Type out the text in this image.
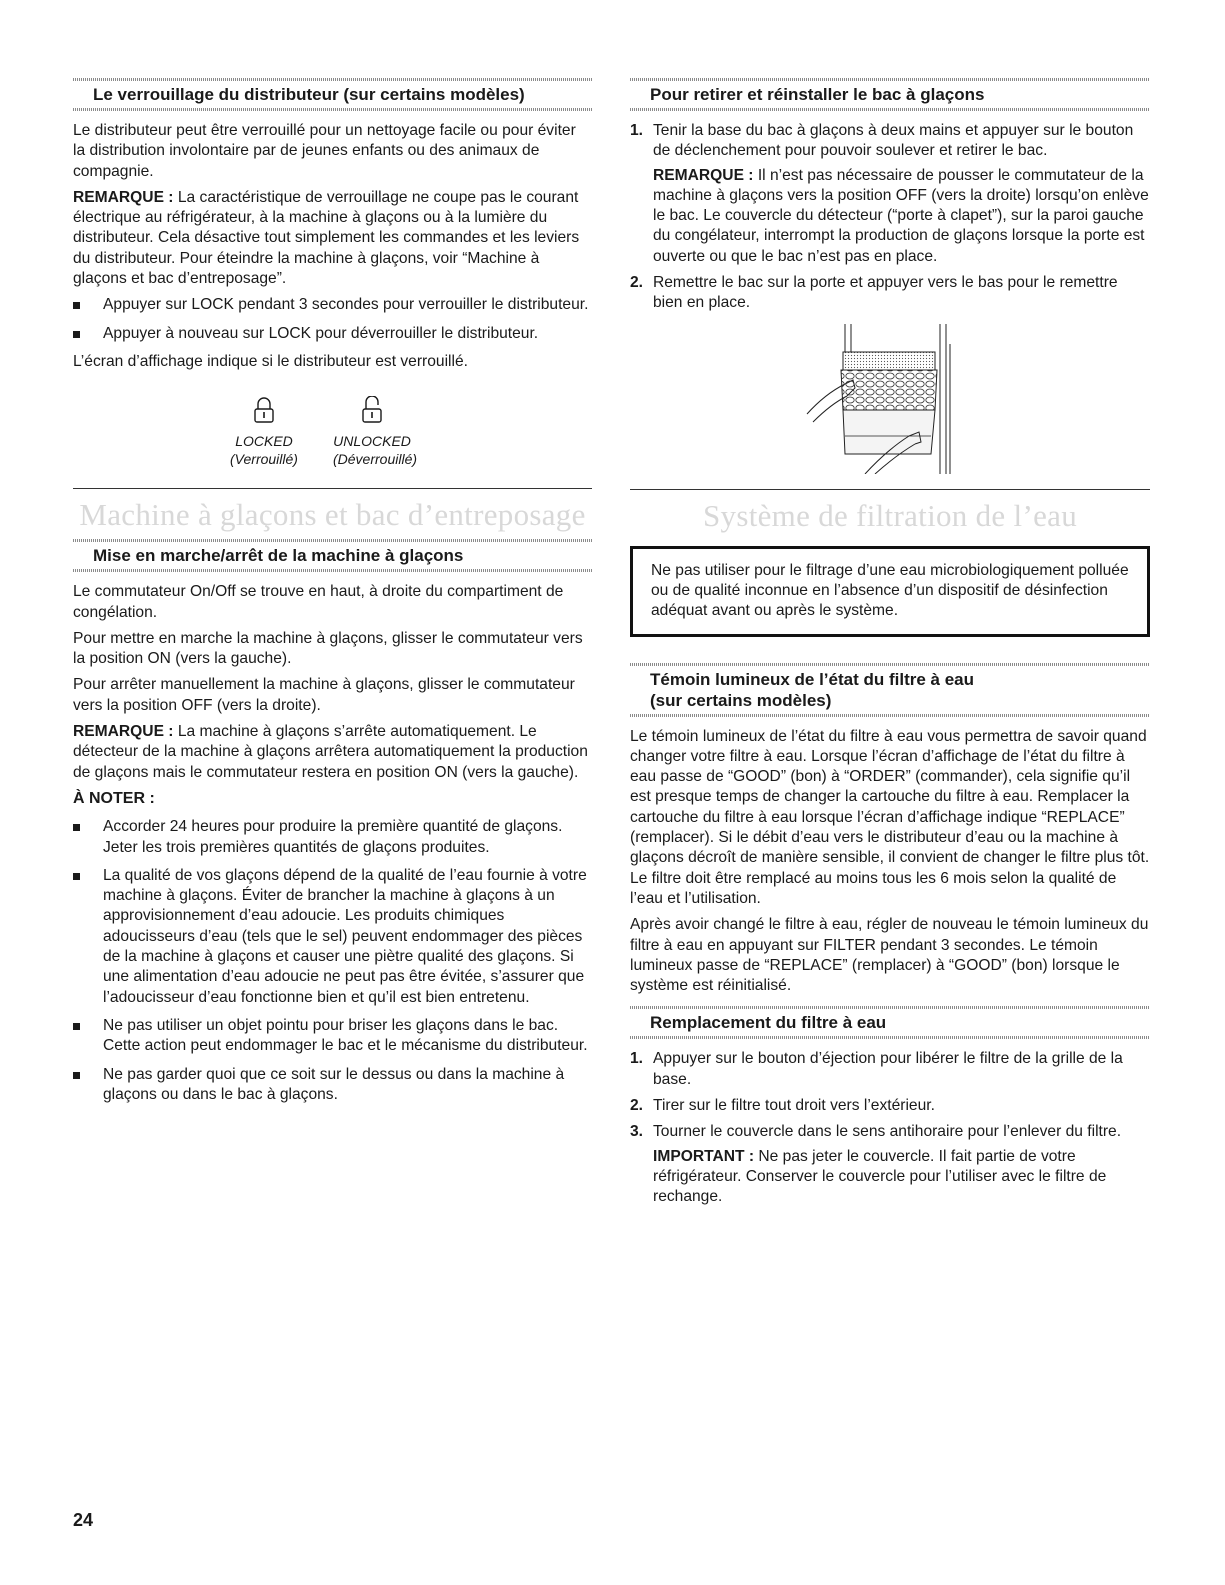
Le verrouillage du distributeur (sur certains modèles)

Le distributeur peut être verrouillé pour un nettoyage facile ou pour éviter la distribution involontaire par de jeunes enfants ou des animaux de compagnie.

REMARQUE : La caractéristique de verrouillage ne coupe pas le courant électrique au réfrigérateur, à la machine à glaçons ou à la lumière du distributeur. Cela désactive tout simplement les commandes et les leviers du distributeur. Pour éteindre la machine à glaçons, voir “Machine à glaçons et bac d’entreposage”.

Appuyer sur LOCK pendant 3 secondes pour verrouiller le distributeur.
Appuyer à nouveau sur LOCK pour déverrouiller le distributeur.

L’écran d’affichage indique si le distributeur est verrouillé.

LOCKED
(Verrouillé)
UNLOCKED
(Déverrouillé)
Machine à glaçons et bac d’entreposage
Mise en marche/arrêt de la machine à glaçons

Le commutateur On/Off se trouve en haut, à droite du compartiment de congélation.

Pour mettre en marche la machine à glaçons, glisser le commutateur vers la position ON (vers la gauche).

Pour arrêter manuellement la machine à glaçons, glisser le commutateur vers la position OFF (vers la droite).

REMARQUE : La machine à glaçons s’arrête automatiquement. Le détecteur de la machine à glaçons arrêtera automatiquement la production de glaçons mais le commutateur restera en position ON (vers la gauche).

À NOTER :

Accorder 24 heures pour produire la première quantité de glaçons. Jeter les trois premières quantités de glaçons produites.
La qualité de vos glaçons dépend de la qualité de l’eau fournie à votre machine à glaçons. Éviter de brancher la machine à glaçons à un approvisionnement d’eau adoucie. Les produits chimiques adoucisseurs d’eau (tels que le sel) peuvent endommager des pièces de la machine à glaçons et causer une piètre qualité des glaçons. Si une alimentation d’eau adoucie ne peut pas être évitée, s’assurer que l’adoucisseur d’eau fonctionne bien et qu’il est bien entretenu.
Ne pas utiliser un objet pointu pour briser les glaçons dans le bac. Cette action peut endommager le bac et le mécanisme du distributeur.
Ne pas garder quoi que ce soit sur le dessus ou dans la machine à glaçons ou dans le bac à glaçons.
Pour retirer et réinstaller le bac à glaçons
1. Tenir la base du bac à glaçons à deux mains et appuyer sur le bouton de déclenchement pour pouvoir soulever et retirer le bac.

REMARQUE : Il n’est pas nécessaire de pousser le commutateur de la machine à glaçons vers la position OFF (vers la droite) lorsqu’on enlève le bac. Le couvercle du détecteur (“porte à clapet”), sur la paroi gauche du congélateur, interrompt la production de glaçons lorsque la porte est ouverte ou que le bac n’est pas en place.

2. Remettre le bac sur la porte et appuyer vers le bas pour le remettre bien en place.
Système de filtration de l’eau

Ne pas utiliser pour le filtrage d’une eau microbiologiquement polluée ou de qualité inconnue en l’absence d’un dispositif de désinfection adéquat avant ou après le système.

Témoin lumineux de l’état du filtre à eau
(sur certains modèles)

Le témoin lumineux de l’état du filtre à eau vous permettra de savoir quand changer votre filtre à eau. Lorsque l’écran d’affichage de l’état du filtre à eau passe de “GOOD” (bon) à “ORDER” (commander), cela signifie qu’il est presque temps de changer la cartouche du filtre à eau. Remplacer la cartouche du filtre à eau lorsque l’écran d’affichage indique “REPLACE” (remplacer). Si le débit d’eau vers le distributeur d’eau ou la machine à glaçons décroît de manière sensible, il convient de changer le filtre plus tôt. Le filtre doit être remplacé au moins tous les 6 mois selon la qualité de l’eau et l’utilisation.

Après avoir changé le filtre à eau, régler de nouveau le témoin lumineux du filtre à eau en appuyant sur FILTER pendant 3 secondes. Le témoin lumineux passe de “REPLACE” (remplacer) à “GOOD” (bon) lorsque le système est réinitialisé.

Remplacement du filtre à eau
1. Appuyer sur le bouton d’éjection pour libérer le filtre de la grille de la base.
2. Tirer sur le filtre tout droit vers l’extérieur.
3. Tourner le couvercle dans le sens antihoraire pour l’enlever du filtre.

IMPORTANT : Ne pas jeter le couvercle. Il fait partie de votre réfrigérateur. Conserver le couvercle pour l’utiliser avec le filtre de rechange.

24
